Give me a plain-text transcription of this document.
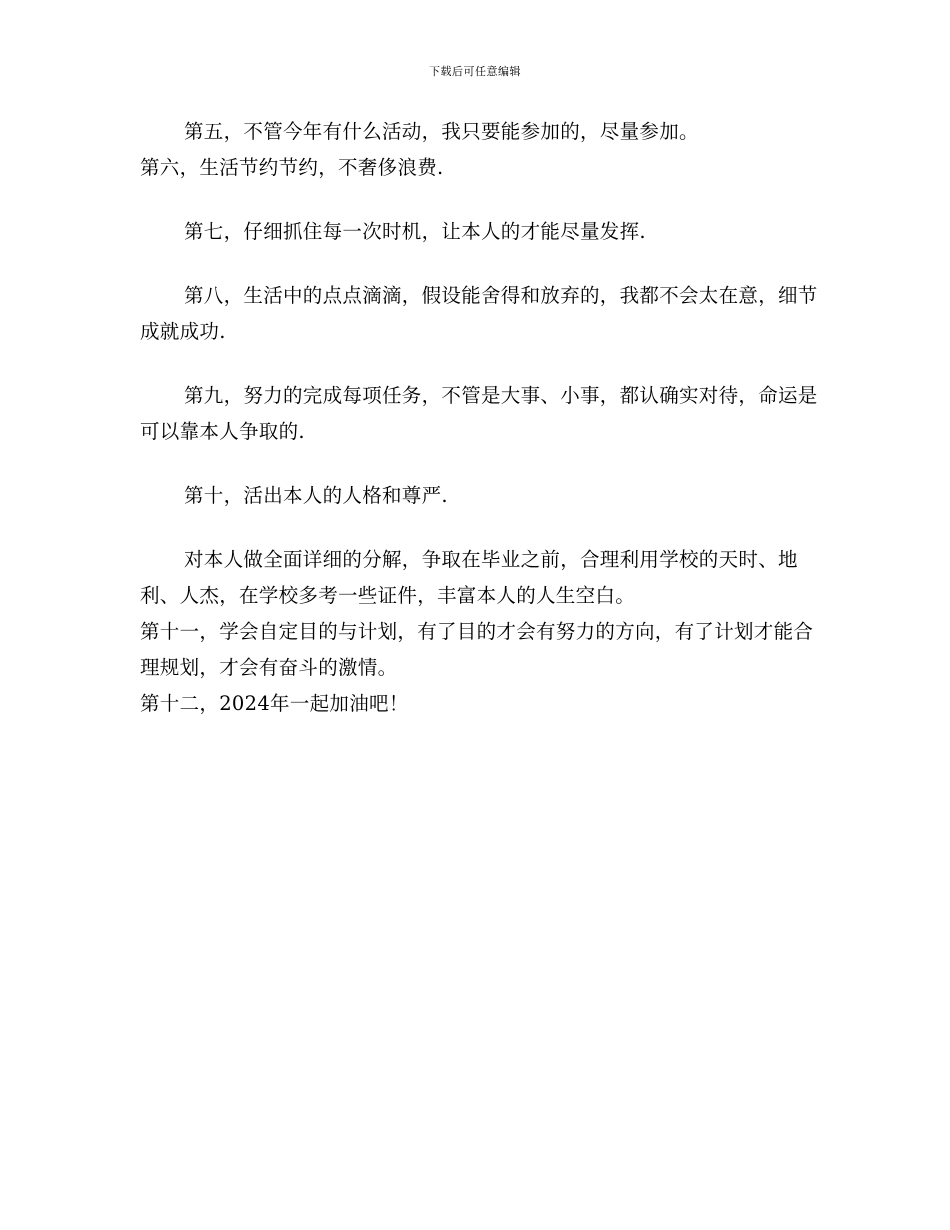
下载后可任意编辑

第五，不管今年有什么活动，我只要能参加的，尽量参加。

第六，生活节约节约，不奢侈浪费.

第七，仔细抓住每一次时机，让本人的才能尽量发挥.

第八，生活中的点点滴滴，假设能舍得和放弃的，我都不会太在意，细节成就成功.

第九，努力的完成每项任务，不管是大事、小事，都认确实对待，命运是可以靠本人争取的.

第十，活出本人的人格和尊严.

对本人做全面详细的分解，争取在毕业之前，合理利用学校的天时、地利、人杰，在学校多考一些证件，丰富本人的人生空白。

第十一，学会自定目的与计划，有了目的才会有努力的方向，有了计划才能合理规划，才会有奋斗的激情。

第十二，2024年一起加油吧！
